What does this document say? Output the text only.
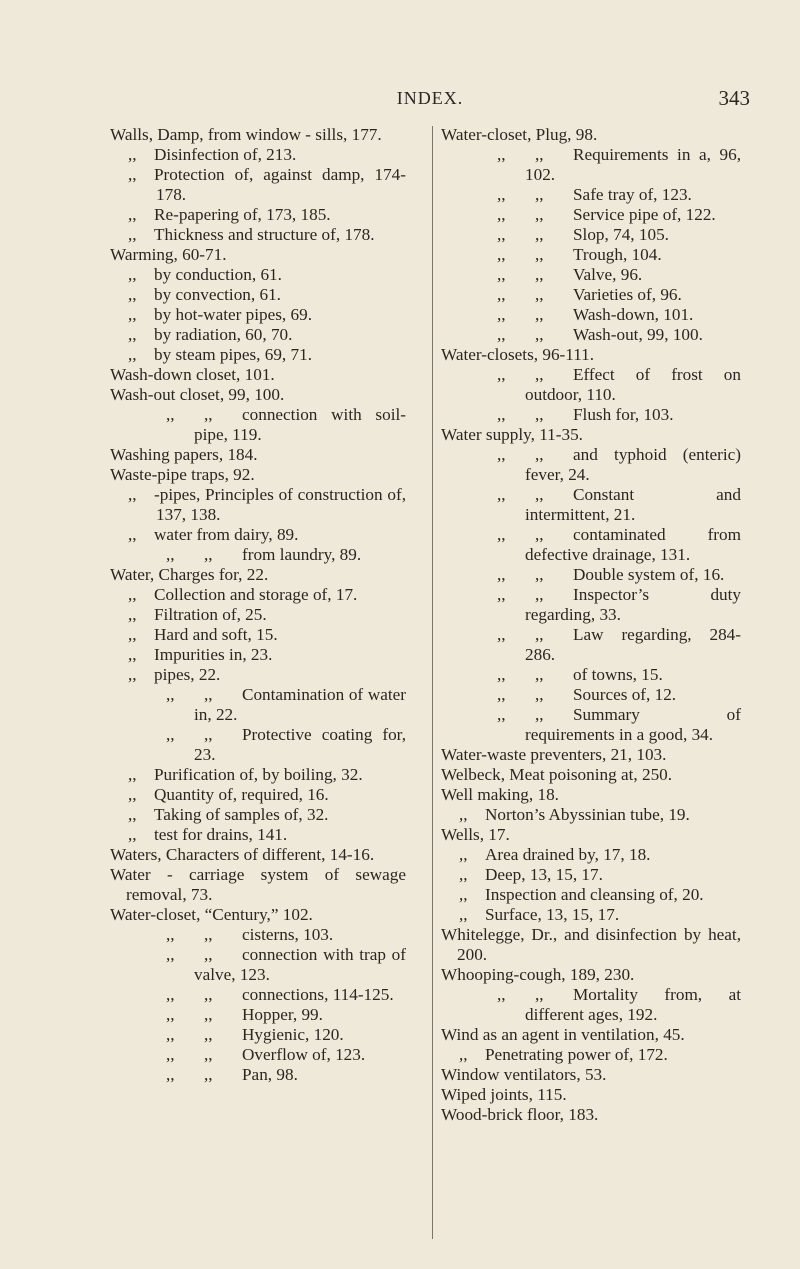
INDEX.	343
Walls, Damp, from window - sills, 177.
,, Disinfection of, 213.
,, Protection of, against damp, 174-178.
,, Re-papering of, 173, 185.
,, Thickness and structure of, 178.
Warming, 60-71.
,, by conduction, 61.
,, by convection, 61.
,, by hot-water pipes, 69.
,, by radiation, 60, 70.
,, by steam pipes, 69, 71.
Wash-down closet, 101.
Wash-out closet, 99, 100.
,, ,, connection with soil-pipe, 119.
Washing papers, 184.
Waste-pipe traps, 92.
,, -pipes, Principles of construction of, 137, 138.
,, water from dairy, 89.
,, ,, from laundry, 89.
Water, Charges for, 22.
,, Collection and storage of, 17.
,, Filtration of, 25.
,, Hard and soft, 15.
,, Impurities in, 23.
,, pipes, 22.
,, ,, Contamination of water in, 22.
,, ,, Protective coating for, 23.
,, Purification of, by boiling, 32.
,, Quantity of, required, 16.
,, Taking of samples of, 32.
,, test for drains, 141.
Waters, Characters of different, 14-16.
Water - carriage system of sewage removal, 73.
Water-closet, “Century,” 102.
,, ,, cisterns, 103.
,, ,, connection with trap of valve, 123.
,, ,, connections, 114-125.
,, ,, Hopper, 99.
,, ,, Hygienic, 120.
,, ,, Overflow of, 123.
,, ,, Pan, 98.
Water-closet, Plug, 98.
,, ,, Requirements in a, 96, 102.
,, ,, Safe tray of, 123.
,, ,, Service pipe of, 122.
,, ,, Slop, 74, 105.
,, ,, Trough, 104.
,, ,, Valve, 96.
,, ,, Varieties of, 96.
,, ,, Wash-down, 101.
,, ,, Wash-out, 99, 100.
Water-closets, 96-111.
,, ,, Effect of frost on outdoor, 110.
,, ,, Flush for, 103.
Water supply, 11-35.
,, ,, and typhoid (enteric) fever, 24.
,, ,, Constant and intermittent, 21.
,, ,, contaminated from defective drainage, 131.
,, ,, Double system of, 16.
,, ,, Inspector’s duty regarding, 33.
,, ,, Law regarding, 284-286.
,, ,, of towns, 15.
,, ,, Sources of, 12.
,, ,, Summary of requirements in a good, 34.
Water-waste preventers, 21, 103.
Welbeck, Meat poisoning at, 250.
Well making, 18.
,, Norton’s Abyssinian tube, 19.
Wells, 17.
,, Area drained by, 17, 18.
,, Deep, 13, 15, 17.
,, Inspection and cleansing of, 20.
,, Surface, 13, 15, 17.
Whitelegge, Dr., and disinfection by heat, 200.
Whooping-cough, 189, 230.
,, ,, Mortality from, at different ages, 192.
Wind as an agent in ventilation, 45.
,, Penetrating power of, 172.
Window ventilators, 53.
Wiped joints, 115.
Wood-brick floor, 183.
